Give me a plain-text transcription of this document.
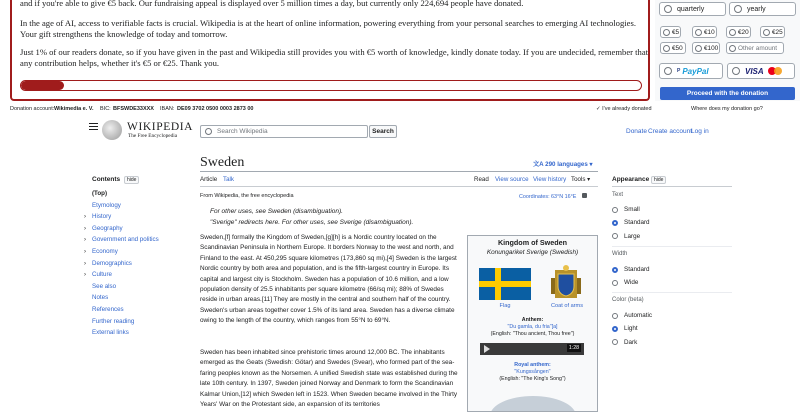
and if you're able to give €5 back. Our fundraising appeal is displayed over 5 million times a day, but currently only 224,694 people have donated.

In the age of AI, access to verifiable facts is crucial. Wikipedia is at the heart of online information, powering everything from your personal searches to emerging AI technologies. Your gift strengthens the knowledge of today and tomorrow.

Just 1% of our readers donate, so if you have given in the past and Wikipedia still provides you with €5 worth of knowledge, kindly donate today. If you are undecided, remember that any contribution helps, whether it's €5 or €25. Thank you.

quarterly	yearly
€5	€10	€20	€25
€50	€100	Other amount
P PayPal	VISA
Proceed with the donation
Donation account: Wikimedia e. V. BIC: BFSWDE33XXX IBAN: DE09 3702 0500 0003 2873 00	✓ I've already donated	Where does my donation go?
WIKIPEDIA
The Free Encyclopedia
Search Wikipedia	Search	Donate Create account
Log in
Contents	hide
(Top)
Etymology
› History
› Geography
› Government and politics
› Economy
› Demographics
› Culture
See also
Notes
References
Further reading
External links
Sweden	文A 290 languages ▾
Article Talk	Read View source View history Tools ▾
From Wikipedia, the free encyclopedia	Coordinates: 63°N 16°E
For other uses, see Sweden (disambiguation).
"Sverige" redirects here. For other uses, see Sverige (disambiguation).

Sweden,[f] formally the Kingdom of Sweden,[g][h] is a Nordic country located on the Scandinavian Peninsula in Northern Europe. It borders Norway to the west and north, and Finland to the east. At 450,295 square kilometres (173,860 sq mi),[4] Sweden is the largest Nordic country by both area and population, and is the fifth-largest country in Europe. Its capital and largest city is Stockholm. Sweden has a population of 10.6 million, and a low population density of 25.5 inhabitants per square kilometre (66/sq mi); 88% of Swedes reside in urban areas.[11] They are mostly in the central and southern half of the country. Sweden's urban areas together cover 1.5% of its land area. Sweden has a diverse climate owing to the length of the country, which ranges from 55°N to 69°N.

Sweden has been inhabited since prehistoric times around 12,000 BC. The inhabitants emerged as the Geats (Swedish: Götar) and Swedes (Svear), who formed part of the sea-faring peoples known as the Norsemen. A unified Swedish state was established during the late 10th century. In 1397, Sweden joined Norway and Denmark to form the Scandinavian Kalmar Union,[12] which Sweden left in 1523. When Sweden became involved in the Thirty Years' War on the Protestant side, an expansion of its territories

Kingdom of Sweden
Konungariket Sverige (Swedish)
Flag	Coat of arms
Anthem:
"Du gamla, du fria"[a]
(English: "Thou ancient, Thou free")
1:28
Royal anthem:
"Kungssången"
(English: "The King's Song")
Appearance hide
Text
Small
Standard
Large
Width
Standard
Wide
Color (beta)
Automatic
Light
Dark
